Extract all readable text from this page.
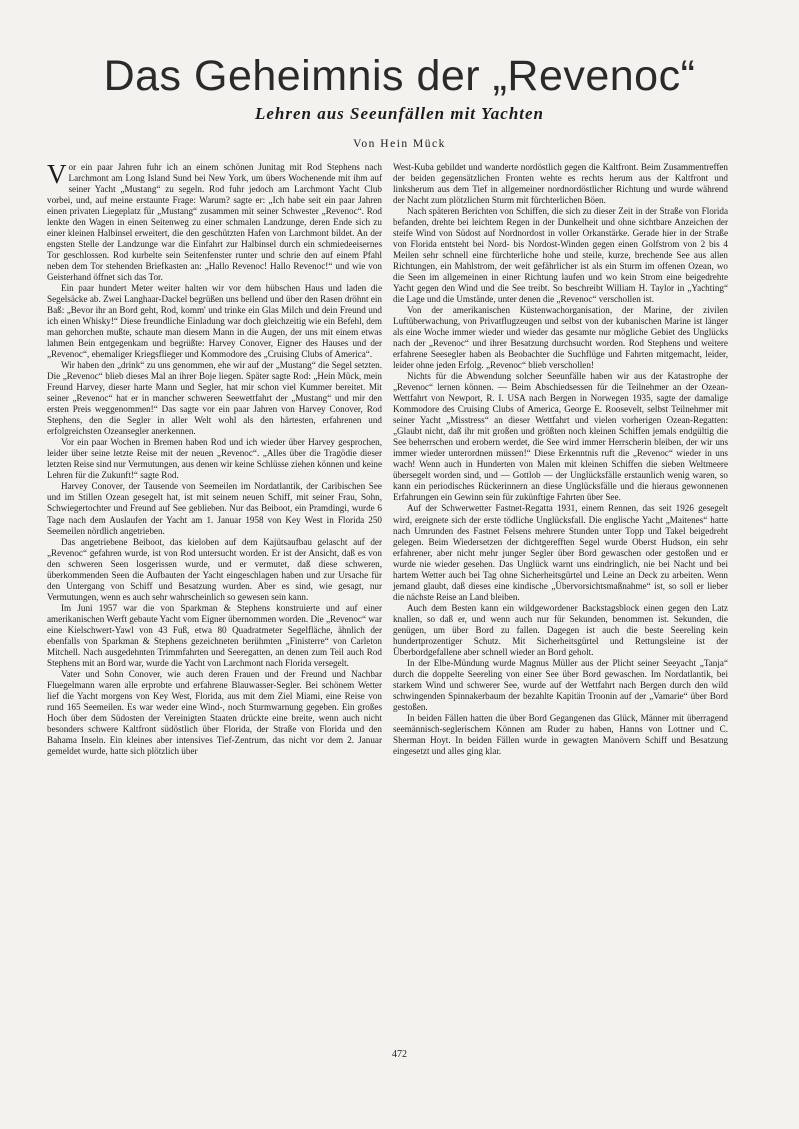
Das Geheimnis der „Revenoc“
Lehren aus Seeunfällen mit Yachten

Von Hein Mück

Vor ein paar Jahren fuhr ich an einem schönen Junitag mit Rod Stephens nach Larchmont am Long Island Sund bei New York, um übers Wochenende mit ihm auf seiner Yacht „Mustang“ zu segeln. Rod fuhr jedoch am Larchmont Yacht Club vorbei, und, auf meine erstaunte Frage: Warum? sagte er: „Ich habe seit ein paar Jahren einen privaten Liegeplatz für „Mustang“ zusammen mit seiner Schwester „Revenoc“. Rod lenkte den Wagen in einen Seitenweg zu einer schmalen Landzunge, deren Ende sich zu einer kleinen Halbinsel erweitert, die den geschützten Hafen von Larchmont bildet. An der engsten Stelle der Landzunge war die Einfahrt zur Halbinsel durch ein schmiedeeisernes Tor geschlossen. Rod kurbelte sein Seitenfenster runter und schrie den auf einem Pfahl neben dem Tor stehenden Briefkasten an: „Hallo Revenoc! Hallo Revenoc!“ und wie von Geisterhand öffnet sich das Tor.

Ein paar hundert Meter weiter halten wir vor dem hübschen Haus und laden die Segelsäcke ab. Zwei Langhaar-Dackel begrüßen uns bellend und über den Rasen dröhnt ein Baß: „Bevor ihr an Bord geht, Rod, komm' und trinke ein Glas Milch und dein Freund und ich einen Whisky!“ Diese freundliche Einladung war doch gleichzeitig wie ein Befehl, dem man gehorchen mußte, schaute man diesem Mann in die Augen, der uns mit einem etwas lahmen Bein entgegenkam und begrüßte: Harvey Conover, Eigner des Hauses und der „Revenoc“, ehemaliger Kriegsflieger und Kommodore des „Cruising Clubs of America“.

Wir haben den „drink“ zu uns genommen, ehe wir auf der „Mustang“ die Segel setzten. Die „Revenoc“ blieb dieses Mal an ihrer Boje liegen. Später sagte Rod: „Hein Mück, mein Freund Harvey, dieser harte Mann und Segler, hat mir schon viel Kummer bereitet. Mit seiner „Revenoc“ hat er in mancher schweren Seewettfahrt der „Mustang“ und mir den ersten Preis weggenommen!“ Das sagte vor ein paar Jahren von Harvey Conover, Rod Stephens, den die Segler in aller Welt wohl als den härtesten, erfahrenen und erfolgreichsten Ozeansegler anerkennen.

Vor ein paar Wochen in Bremen haben Rod und ich wieder über Harvey gesprochen, leider über seine letzte Reise mit der neuen „Revenoc“. „Alles über die Tragödie dieser letzten Reise sind nur Vermutungen, aus denen wir keine Schlüsse ziehen können und keine Lehren für die Zukunft!“ sagte Rod.

Harvey Conover, der Tausende von Seemeilen im Nordatlantik, der Caribischen See und im Stillen Ozean gesegelt hat, ist mit seinem neuen Schiff, mit seiner Frau, Sohn, Schwiegertochter und Freund auf See geblieben. Nur das Beiboot, ein Pramdingi, wurde 6 Tage nach dem Auslaufen der Yacht am 1. Januar 1958 von Key West in Florida 250 Seemeilen nördlich angetrieben.

Das angetriebene Beiboot, das kieloben auf dem Kajütsaufbau gelascht auf der „Revenoc“ gefahren wurde, ist von Rod untersucht worden. Er ist der Ansicht, daß es von den schweren Seen losgerissen wurde, und er vermutet, daß diese schweren, überkommenden Seen die Aufbauten der Yacht eingeschlagen haben und zur Ursache für den Untergang von Schiff und Besatzung wurden. Aber es sind, wie gesagt, nur Vermutungen, wenn es auch sehr wahrscheinlich so gewesen sein kann.

Im Juni 1957 war die von Sparkman & Stephens konstruierte und auf einer amerikanischen Werft gebaute Yacht vom Eigner übernommen worden. Die „Revenoc“ war eine Kielschwert-Yawl von 43 Fuß, etwa 80 Quadratmeter Segelfläche, ähnlich der ebenfalls von Sparkman & Stephens gezeichneten berühmten „Finisterre“ von Carleton Mitchell. Nach ausgedehnten Trimmfahrten und Seeregatten, an denen zum Teil auch Rod Stephens mit an Bord war, wurde die Yacht von Larchmont nach Florida versegelt.

Vater und Sohn Conover, wie auch deren Frauen und der Freund und Nachbar Fluegelmann waren alle erprobte und erfahrene Blauwasser-Segler. Bei schönem Wetter lief die Yacht morgens von Key West, Florida, aus mit dem Ziel Miami, eine Reise von rund 165 Seemeilen. Es war weder eine Wind-, noch Sturmwarnung gegeben. Ein großes Hoch über dem Südosten der Vereinigten Staaten drückte eine breite, wenn auch nicht besonders schwere Kaltfront südöstlich über Florida, der Straße von Florida und den Bahama Inseln. Ein kleines aber intensives Tief-Zentrum, das nicht vor dem 2. Januar gemeldet wurde, hatte sich plötzlich über

West-Kuba gebildet und wanderte nordöstlich gegen die Kaltfront. Beim Zusammentreffen der beiden gegensätzlichen Fronten wehte es rechts herum aus der Kaltfront und linksherum aus dem Tief in allgemeiner nordnordöstlicher Richtung und wurde während der Nacht zum plötzlichen Sturm mit fürchterlichen Böen.

Nach späteren Berichten von Schiffen, die sich zu dieser Zeit in der Straße von Florida befanden, drehte bei leichtem Regen in der Dunkelheit und ohne sichtbare Anzeichen der steife Wind von Südost auf Nordnordost in voller Orkanstärke. Gerade hier in der Straße von Florida entsteht bei Nord- bis Nordost-Winden gegen einen Golfstrom von 2 bis 4 Meilen sehr schnell eine fürchterliche hohe und steile, kurze, brechende See aus allen Richtungen, ein Mahlstrom, der weit gefährlicher ist als ein Sturm im offenen Ozean, wo die Seen im allgemeinen in einer Richtung laufen und wo kein Strom eine beigedrehte Yacht gegen den Wind und die See treibt. So beschreibt William H. Taylor in „Yachting“ die Lage und die Umstände, unter denen die „Revenoc“ verschollen ist.

Von der amerikanischen Küstenwachorganisation, der Marine, der zivilen Luftüberwachung, von Privatflugzeugen und selbst von der kubanischen Marine ist länger als eine Woche immer wieder und wieder das gesamte nur mögliche Gebiet des Unglücks nach der „Revenoc“ und ihrer Besatzung durchsucht worden. Rod Stephens und weitere erfahrene Seesegler haben als Beobachter die Suchflüge und Fahrten mitgemacht, leider, leider ohne jeden Erfolg. „Revenoc“ blieb verschollen!

Nichts für die Abwendung solcher Seeunfälle haben wir aus der Katastrophe der „Revenoc“ lernen können. — Beim Abschiedsessen für die Teilnehmer an der Ozean-Wettfahrt von Newport, R. I. USA nach Bergen in Norwegen 1935, sagte der damalige Kommodore des Cruising Clubs of America, George E. Roosevelt, selbst Teilnehmer mit seiner Yacht „Misstress“ an dieser Wettfahrt und vielen vorherigen Ozean-Regatten: „Glaubt nicht, daß ihr mit großen und größten noch kleinen Schiffen jemals endgültig die See beherrschen und erobern werdet, die See wird immer Herrscherin bleiben, der wir uns immer wieder unterordnen müssen!“ Diese Erkenntnis ruft die „Revenoc“ wieder in uns wach! Wenn auch in Hunderten von Malen mit kleinen Schiffen die sieben Weltmeere übersegelt worden sind, und — Gottlob — der Unglücksfälle erstaunlich wenig waren, so kann ein periodisches Rückerinnern an diese Unglücksfälle und die hieraus gewonnenen Erfahrungen ein Gewinn sein für zukünftige Fahrten über See.

Auf der Schwerwetter Fastnet-Regatta 1931, einem Rennen, das seit 1926 gesegelt wird, ereignete sich der erste tödliche Unglücksfall. Die englische Yacht „Maitenes“ hatte nach Umrunden des Fastnet Felsens mehrere Stunden unter Topp und Takel beigedreht gelegen. Beim Wiedersetzen der dichtgerefften Segel wurde Oberst Hudson, ein sehr erfahrener, aber nicht mehr junger Segler über Bord gewaschen oder gestoßen und er wurde nie wieder gesehen. Das Unglück warnt uns eindringlich, nie bei Nacht und bei hartem Wetter auch bei Tag ohne Sicherheitsgürtel und Leine an Deck zu arbeiten. Wenn jemand glaubt, daß dieses eine kindische „Übervorsichtsmaßnahme“ ist, so soll er lieber die nächste Reise an Land bleiben.

Auch dem Besten kann ein wildgewordener Backstagsblock einen gegen den Latz knallen, so daß er, und wenn auch nur für Sekunden, benommen ist. Sekunden, die genügen, um über Bord zu fallen. Dagegen ist auch die beste Seereling kein hundertprozentiger Schutz. Mit Sicherheitsgürtel und Rettungsleine ist der Überbordgefallene aber schnell wieder an Bord geholt.

In der Elbe-Mündung wurde Magnus Müller aus der Plicht seiner Seeyacht „Tanja“ durch die doppelte Seereling von einer See über Bord gewaschen. Im Nordatlantik, bei starkem Wind und schwerer See, wurde auf der Wettfahrt nach Bergen durch den wild schwingenden Spinnakerbaum der bezahlte Kapitän Troonin auf der „Vamarie“ über Bord gestoßen.

In beiden Fällen hatten die über Bord Gegangenen das Glück, Männer mit überragend seemännisch-seglerischem Können am Ruder zu haben, Hanns von Lottner und C. Sherman Hoyt. In beiden Fällen wurde in gewagten Manövern Schiff und Besatzung eingesetzt und alles ging klar.

472
